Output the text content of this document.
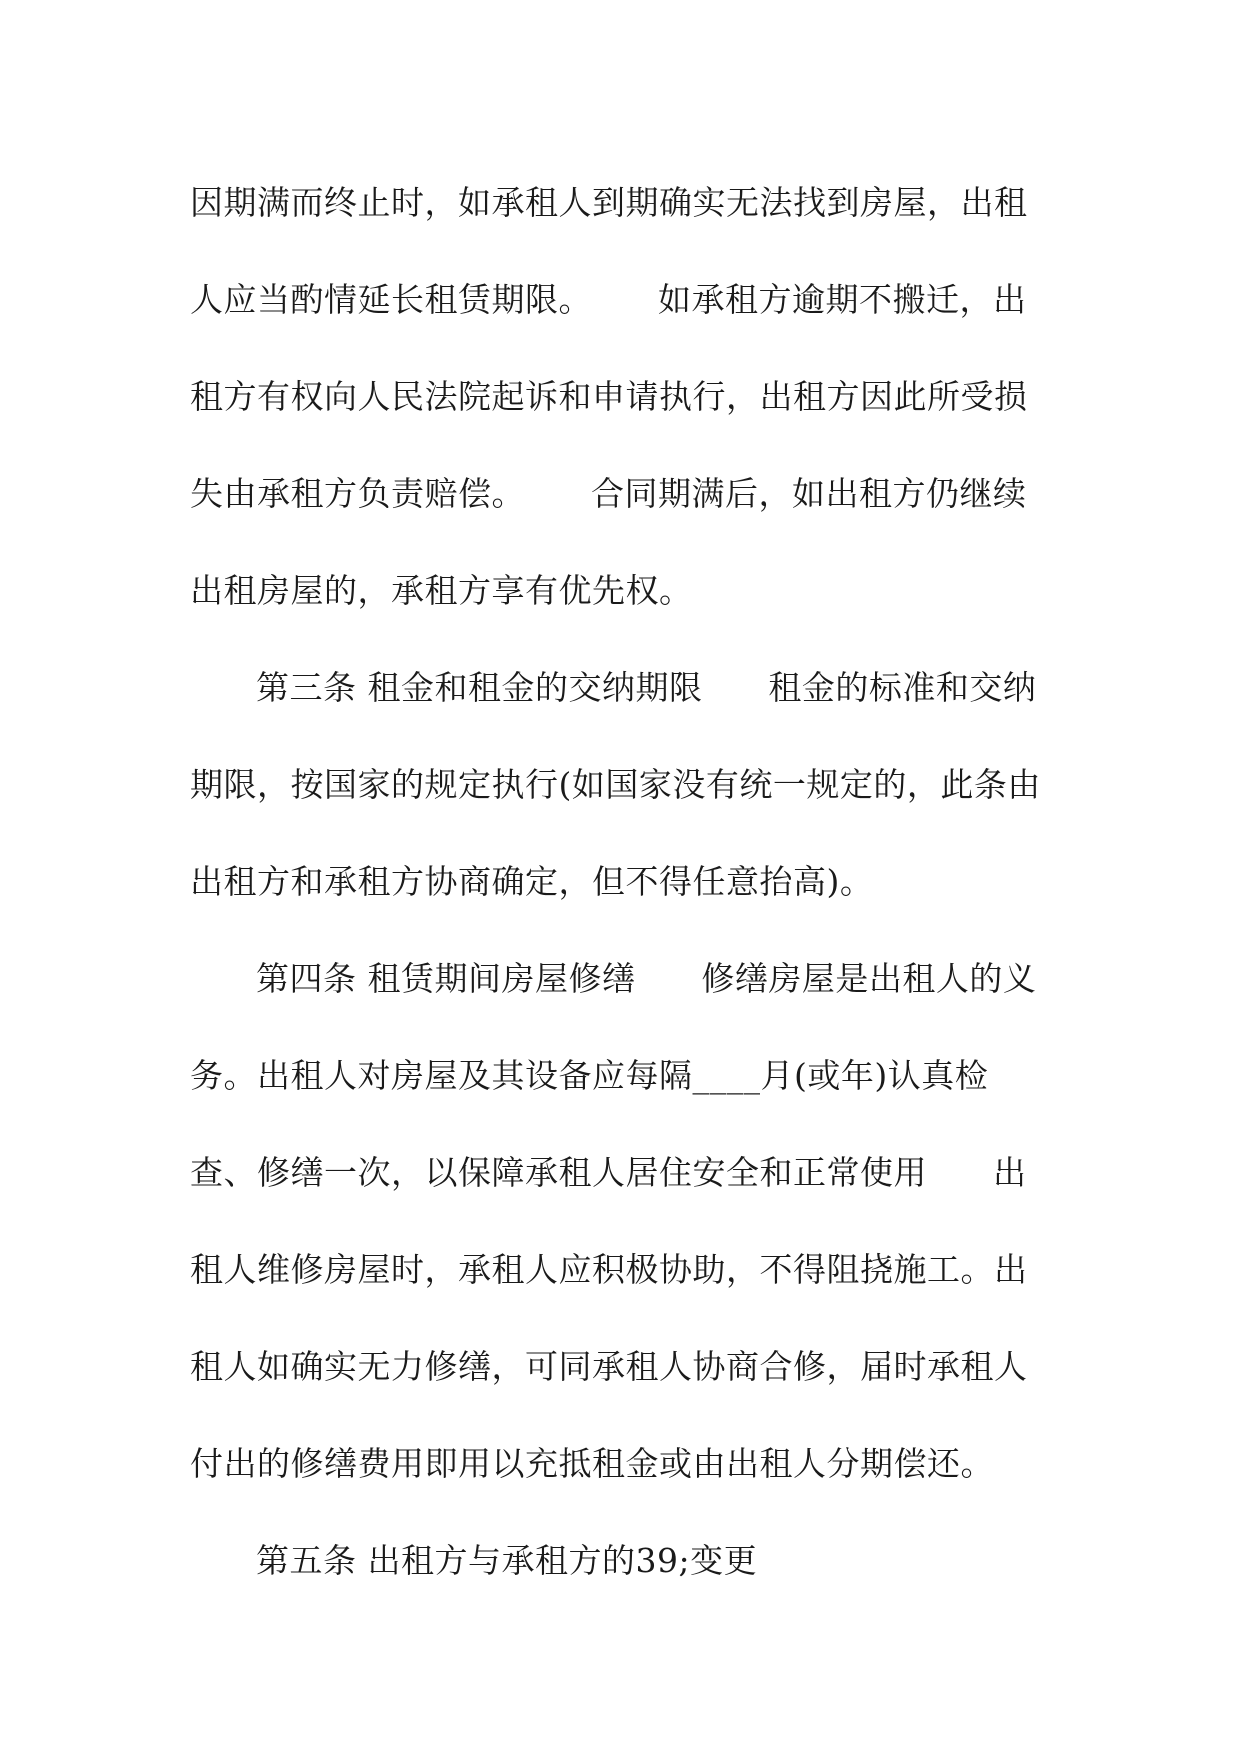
因期满而终止时，如承租人到期确实无法找到房屋，出租
人应当酌情延长租赁期限。      如承租方逾期不搬迁，出
租方有权向人民法院起诉和申请执行，出租方因此所受损
失由承租方负责赔偿。      合同期满后，如出租方仍继续
出租房屋的，承租方享有优先权。
第三条 租金和租金的交纳期限      租金的标准和交纳
期限，按国家的规定执行(如国家没有统一规定的，此条由
出租方和承租方协商确定，但不得任意抬高)。
第四条 租赁期间房屋修缮      修缮房屋是出租人的义
务。出租人对房屋及其设备应每隔____月(或年)认真检
查、修缮一次，以保障承租人居住安全和正常使用      出
租人维修房屋时，承租人应积极协助，不得阻挠施工。出
租人如确实无力修缮，可同承租人协商合修，届时承租人
付出的修缮费用即用以充抵租金或由出租人分期偿还。
第五条 出租方与承租方的39;变更
